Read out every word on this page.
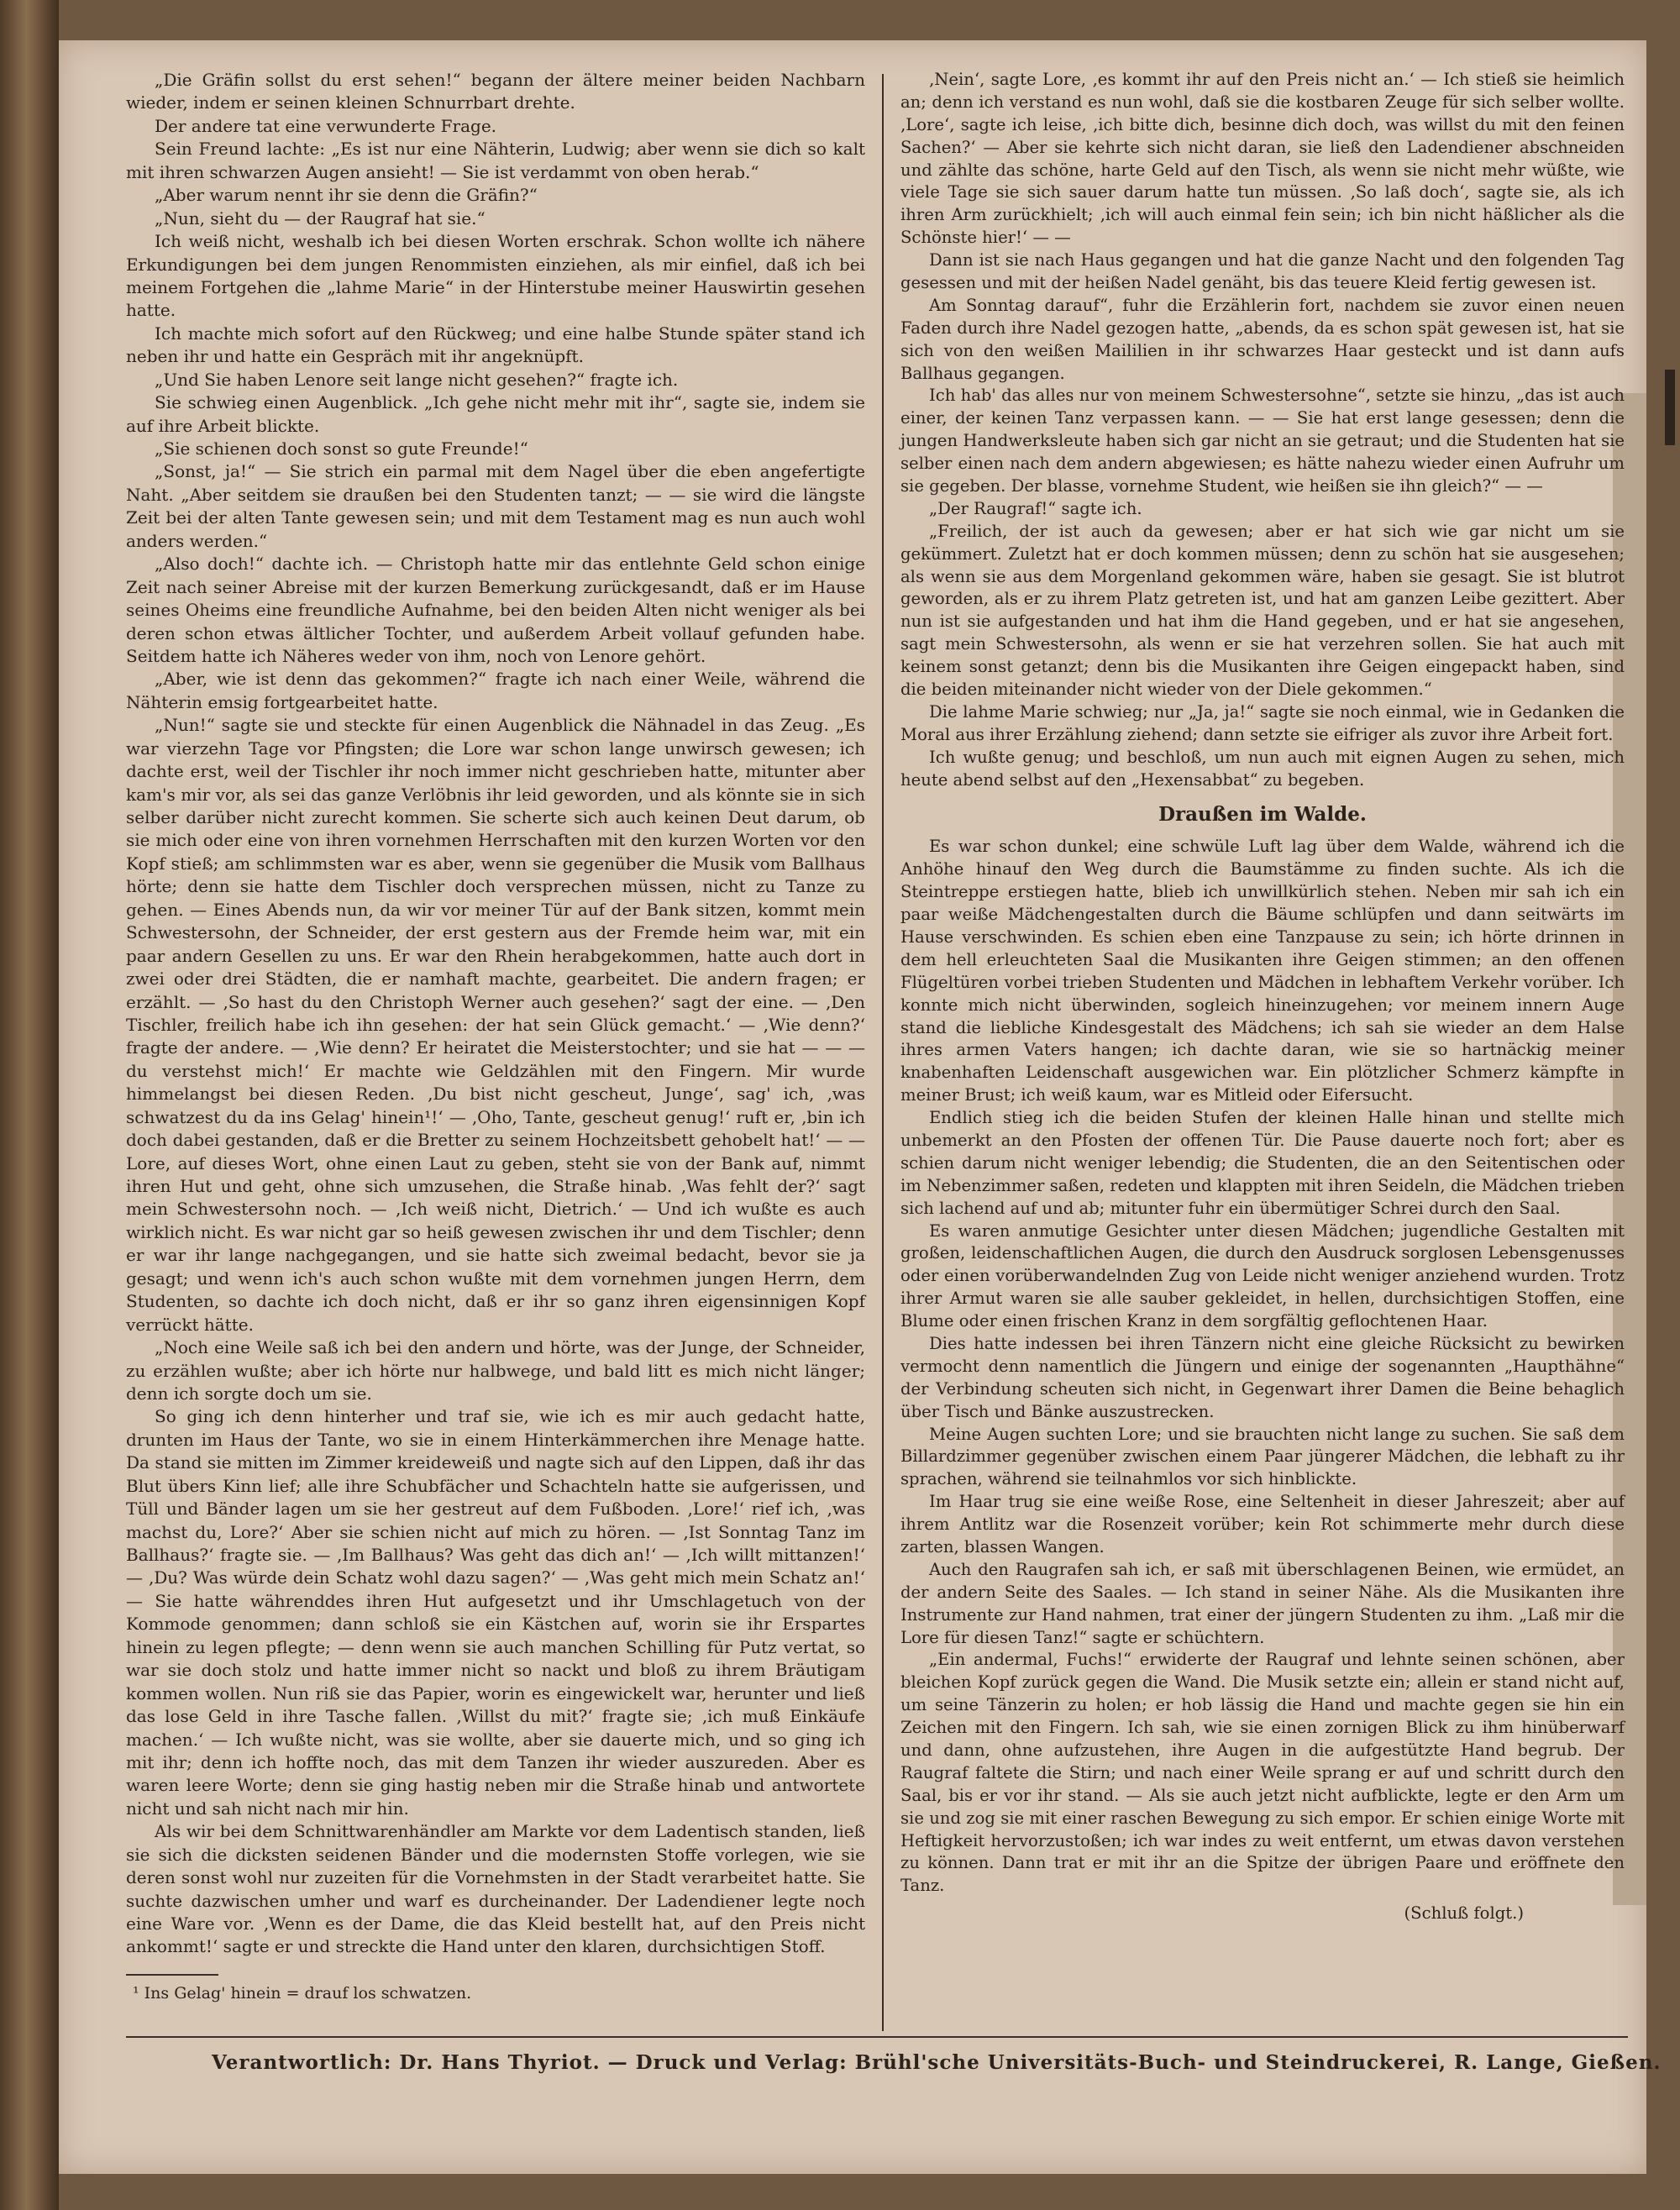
„Die Gräfin sollst du erst sehen!“ begann der ältere meiner beiden Nachbarn wieder, indem er seinen kleinen Schnurrbart drehte.

Der andere tat eine verwunderte Frage.

Sein Freund lachte: „Es ist nur eine Nähterin, Ludwig; aber wenn sie dich so kalt mit ihren schwarzen Augen ansieht! — Sie ist verdammt von oben herab.“

„Aber warum nennt ihr sie denn die Gräfin?“

„Nun, sieht du — der Raugraf hat sie.“

Ich weiß nicht, weshalb ich bei diesen Worten erschrak. Schon wollte ich nähere Erkundigungen bei dem jungen Renommisten einziehen, als mir einfiel, daß ich bei meinem Fortgehen die „lahme Marie“ in der Hinterstube meiner Hauswirtin gesehen hatte.

Ich machte mich sofort auf den Rückweg; und eine halbe Stunde später stand ich neben ihr und hatte ein Gespräch mit ihr angeknüpft.

„Und Sie haben Lenore seit lange nicht gesehen?“ fragte ich.

Sie schwieg einen Augenblick. „Ich gehe nicht mehr mit ihr“, sagte sie, indem sie auf ihre Arbeit blickte.

„Sie schienen doch sonst so gute Freunde!“

„Sonst, ja!“ — Sie strich ein parmal mit dem Nagel über die eben angefertigte Naht. „Aber seitdem sie draußen bei den Studenten tanzt; — — sie wird die längste Zeit bei der alten Tante gewesen sein; und mit dem Testament mag es nun auch wohl anders werden.“

„Also doch!“ dachte ich. — Christoph hatte mir das entlehnte Geld schon einige Zeit nach seiner Abreise mit der kurzen Bemerkung zurückgesandt, daß er im Hause seines Oheims eine freundliche Aufnahme, bei den beiden Alten nicht weniger als bei deren schon etwas ältlicher Tochter, und außerdem Arbeit vollauf gefunden habe. Seitdem hatte ich Näheres weder von ihm, noch von Lenore gehört.

„Aber, wie ist denn das gekommen?“ fragte ich nach einer Weile, während die Nähterin emsig fortgearbeitet hatte.

„Nun!“ sagte sie und steckte für einen Augenblick die Nähnadel in das Zeug. „Es war vierzehn Tage vor Pfingsten; die Lore war schon lange unwirsch gewesen; ich dachte erst, weil der Tischler ihr noch immer nicht geschrieben hatte, mitunter aber kam's mir vor, als sei das ganze Verlöbnis ihr leid geworden, und als könnte sie in sich selber darüber nicht zurecht kommen. Sie scherte sich auch keinen Deut darum, ob sie mich oder eine von ihren vornehmen Herrschaften mit den kurzen Worten vor den Kopf stieß; am schlimmsten war es aber, wenn sie gegenüber die Musik vom Ballhaus hörte; denn sie hatte dem Tischler doch versprechen müssen, nicht zu Tanze zu gehen. — Eines Abends nun, da wir vor meiner Tür auf der Bank sitzen, kommt mein Schwestersohn, der Schneider, der erst gestern aus der Fremde heim war, mit ein paar andern Gesellen zu uns. Er war den Rhein herabgekommen, hatte auch dort in zwei oder drei Städten, die er namhaft machte, gearbeitet. Die andern fragen; er erzählt. — ‚So hast du den Christoph Werner auch gesehen?‘ sagt der eine. — ‚Den Tischler, freilich habe ich ihn gesehen: der hat sein Glück gemacht.‘ — ‚Wie denn?‘ fragte der andere. — ‚Wie denn? Er heiratet die Meisterstochter; und sie hat — — — du verstehst mich!‘ Er machte wie Geldzählen mit den Fingern. Mir wurde himmelangst bei diesen Reden. ‚Du bist nicht gescheut, Junge‘, sag' ich, ‚was schwatzest du da ins Gelag' hinein¹!‘ — ‚Oho, Tante, gescheut genug!‘ ruft er, ‚bin ich doch dabei gestanden, daß er die Bretter zu seinem Hochzeitsbett gehobelt hat!‘ — — Lore, auf dieses Wort, ohne einen Laut zu geben, steht sie von der Bank auf, nimmt ihren Hut und geht, ohne sich umzusehen, die Straße hinab. ‚Was fehlt der?‘ sagt mein Schwestersohn noch. — ‚Ich weiß nicht, Dietrich.‘ — Und ich wußte es auch wirklich nicht. Es war nicht gar so heiß gewesen zwischen ihr und dem Tischler; denn er war ihr lange nachgegangen, und sie hatte sich zweimal bedacht, bevor sie ja gesagt; und wenn ich's auch schon wußte mit dem vornehmen jungen Herrn, dem Studenten, so dachte ich doch nicht, daß er ihr so ganz ihren eigensinnigen Kopf verrückt hätte.

„Noch eine Weile saß ich bei den andern und hörte, was der Junge, der Schneider, zu erzählen wußte; aber ich hörte nur halbwege, und bald litt es mich nicht länger; denn ich sorgte doch um sie.

So ging ich denn hinterher und traf sie, wie ich es mir auch gedacht hatte, drunten im Haus der Tante, wo sie in einem Hinterkämmerchen ihre Menage hatte. Da stand sie mitten im Zimmer kreideweiß und nagte sich auf den Lippen, daß ihr das Blut übers Kinn lief; alle ihre Schubfächer und Schachteln hatte sie aufgerissen, und Tüll und Bänder lagen um sie her gestreut auf dem Fußboden. ‚Lore!‘ rief ich, ‚was machst du, Lore?‘ Aber sie schien nicht auf mich zu hören. — ‚Ist Sonntag Tanz im Ballhaus?‘ fragte sie. — ‚Im Ballhaus? Was geht das dich an!‘ — ‚Ich willt mittanzen!‘ — ‚Du? Was würde dein Schatz wohl dazu sagen?‘ — ‚Was geht mich mein Schatz an!‘ — Sie hatte währenddes ihren Hut aufgesetzt und ihr Umschlagetuch von der Kommode genommen; dann schloß sie ein Kästchen auf, worin sie ihr Erspartes hinein zu legen pflegte; — denn wenn sie auch manchen Schilling für Putz vertat, so war sie doch stolz und hatte immer nicht so nackt und bloß zu ihrem Bräutigam kommen wollen. Nun riß sie das Papier, worin es eingewickelt war, herunter und ließ das lose Geld in ihre Tasche fallen. ‚Willst du mit?‘ fragte sie; ‚ich muß Einkäufe machen.‘ — Ich wußte nicht, was sie wollte, aber sie dauerte mich, und so ging ich mit ihr; denn ich hoffte noch, das mit dem Tanzen ihr wieder auszureden. Aber es waren leere Worte; denn sie ging hastig neben mir die Straße hinab und antwortete nicht und sah nicht nach mir hin.

Als wir bei dem Schnittwarenhändler am Markte vor dem Ladentisch standen, ließ sie sich die dicksten seidenen Bänder und die modernsten Stoffe vorlegen, wie sie deren sonst wohl nur zuzeiten für die Vornehmsten in der Stadt verarbeitet hatte. Sie suchte dazwischen umher und warf es durcheinander. Der Ladendiener legte noch eine Ware vor. ‚Wenn es der Dame, die das Kleid bestellt hat, auf den Preis nicht ankommt!‘ sagte er und streckte die Hand unter den klaren, durchsichtigen Stoff.

¹ Ins Gelag' hinein = drauf los schwatzen.

‚Nein‘, sagte Lore, ‚es kommt ihr auf den Preis nicht an.‘ — Ich stieß sie heimlich an; denn ich verstand es nun wohl, daß sie die kostbaren Zeuge für sich selber wollte. ‚Lore‘, sagte ich leise, ‚ich bitte dich, besinne dich doch, was willst du mit den feinen Sachen?‘ — Aber sie kehrte sich nicht daran, sie ließ den Ladendiener abschneiden und zählte das schöne, harte Geld auf den Tisch, als wenn sie nicht mehr wüßte, wie viele Tage sie sich sauer darum hatte tun müssen. ‚So laß doch‘, sagte sie, als ich ihren Arm zurückhielt; ‚ich will auch einmal fein sein; ich bin nicht häßlicher als die Schönste hier!‘ — —

Dann ist sie nach Haus gegangen und hat die ganze Nacht und den folgenden Tag gesessen und mit der heißen Nadel genäht, bis das teuere Kleid fertig gewesen ist.

Am Sonntag darauf“, fuhr die Erzählerin fort, nachdem sie zuvor einen neuen Faden durch ihre Nadel gezogen hatte, „abends, da es schon spät gewesen ist, hat sie sich von den weißen Maililien in ihr schwarzes Haar gesteckt und ist dann aufs Ballhaus gegangen.

Ich hab' das alles nur von meinem Schwestersohne“, setzte sie hinzu, „das ist auch einer, der keinen Tanz verpassen kann. — — Sie hat erst lange gesessen; denn die jungen Handwerksleute haben sich gar nicht an sie getraut; und die Studenten hat sie selber einen nach dem andern abgewiesen; es hätte nahezu wieder einen Aufruhr um sie gegeben. Der blasse, vornehme Student, wie heißen sie ihn gleich?“ — —

„Der Raugraf!“ sagte ich.

„Freilich, der ist auch da gewesen; aber er hat sich wie gar nicht um sie gekümmert. Zuletzt hat er doch kommen müssen; denn zu schön hat sie ausgesehen; als wenn sie aus dem Morgenland gekommen wäre, haben sie gesagt. Sie ist blutrot geworden, als er zu ihrem Platz getreten ist, und hat am ganzen Leibe gezittert. Aber nun ist sie aufgestanden und hat ihm die Hand gegeben, und er hat sie angesehen, sagt mein Schwestersohn, als wenn er sie hat verzehren sollen. Sie hat auch mit keinem sonst getanzt; denn bis die Musikanten ihre Geigen eingepackt haben, sind die beiden miteinander nicht wieder von der Diele gekommen.“

Die lahme Marie schwieg; nur „Ja, ja!“ sagte sie noch einmal, wie in Gedanken die Moral aus ihrer Erzählung ziehend; dann setzte sie eifriger als zuvor ihre Arbeit fort.

Ich wußte genug; und beschloß, um nun auch mit eignen Augen zu sehen, mich heute abend selbst auf den „Hexensabbat“ zu begeben.

Draußen im Walde.

Es war schon dunkel; eine schwüle Luft lag über dem Walde, während ich die Anhöhe hinauf den Weg durch die Baumstämme zu finden suchte. Als ich die Steintreppe erstiegen hatte, blieb ich unwillkürlich stehen. Neben mir sah ich ein paar weiße Mädchengestalten durch die Bäume schlüpfen und dann seitwärts im Hause verschwinden. Es schien eben eine Tanzpause zu sein; ich hörte drinnen in dem hell erleuchteten Saal die Musikanten ihre Geigen stimmen; an den offenen Flügeltüren vorbei trieben Studenten und Mädchen in lebhaftem Verkehr vorüber. Ich konnte mich nicht überwinden, sogleich hineinzugehen; vor meinem innern Auge stand die liebliche Kindesgestalt des Mädchens; ich sah sie wieder an dem Halse ihres armen Vaters hangen; ich dachte daran, wie sie so hartnäckig meiner knabenhaften Leidenschaft ausgewichen war. Ein plötzlicher Schmerz kämpfte in meiner Brust; ich weiß kaum, war es Mitleid oder Eifersucht.

Endlich stieg ich die beiden Stufen der kleinen Halle hinan und stellte mich unbemerkt an den Pfosten der offenen Tür. Die Pause dauerte noch fort; aber es schien darum nicht weniger lebendig; die Studenten, die an den Seitentischen oder im Nebenzimmer saßen, redeten und klappten mit ihren Seideln, die Mädchen trieben sich lachend auf und ab; mitunter fuhr ein übermütiger Schrei durch den Saal.

Es waren anmutige Gesichter unter diesen Mädchen; jugendliche Gestalten mit großen, leidenschaftlichen Augen, die durch den Ausdruck sorglosen Lebensgenusses oder einen vorüberwandelnden Zug von Leide nicht weniger anziehend wurden. Trotz ihrer Armut waren sie alle sauber gekleidet, in hellen, durchsichtigen Stoffen, eine Blume oder einen frischen Kranz in dem sorgfältig geflochtenen Haar.

Dies hatte indessen bei ihren Tänzern nicht eine gleiche Rücksicht zu bewirken vermocht denn namentlich die Jüngern und einige der sogenannten „Haupthähne“ der Verbindung scheuten sich nicht, in Gegenwart ihrer Damen die Beine behaglich über Tisch und Bänke auszustrecken.

Meine Augen suchten Lore; und sie brauchten nicht lange zu suchen. Sie saß dem Billardzimmer gegenüber zwischen einem Paar jüngerer Mädchen, die lebhaft zu ihr sprachen, während sie teilnahmlos vor sich hinblickte.

Im Haar trug sie eine weiße Rose, eine Seltenheit in dieser Jahreszeit; aber auf ihrem Antlitz war die Rosenzeit vorüber; kein Rot schimmerte mehr durch diese zarten, blassen Wangen.

Auch den Raugrafen sah ich, er saß mit überschlagenen Beinen, wie ermüdet, an der andern Seite des Saales. — Ich stand in seiner Nähe. Als die Musikanten ihre Instrumente zur Hand nahmen, trat einer der jüngern Studenten zu ihm. „Laß mir die Lore für diesen Tanz!“ sagte er schüchtern.

„Ein andermal, Fuchs!“ erwiderte der Raugraf und lehnte seinen schönen, aber bleichen Kopf zurück gegen die Wand. Die Musik setzte ein; allein er stand nicht auf, um seine Tänzerin zu holen; er hob lässig die Hand und machte gegen sie hin ein Zeichen mit den Fingern. Ich sah, wie sie einen zornigen Blick zu ihm hinüberwarf und dann, ohne aufzustehen, ihre Augen in die aufgestützte Hand begrub. Der Raugraf faltete die Stirn; und nach einer Weile sprang er auf und schritt durch den Saal, bis er vor ihr stand. — Als sie auch jetzt nicht aufblickte, legte er den Arm um sie und zog sie mit einer raschen Bewegung zu sich empor. Er schien einige Worte mit Heftigkeit hervorzustoßen; ich war indes zu weit entfernt, um etwas davon verstehen zu können. Dann trat er mit ihr an die Spitze der übrigen Paare und eröffnete den Tanz.

(Schluß folgt.)

Verantwortlich: Dr. Hans Thyriot. — Druck und Verlag: Brühl'sche Universitäts-Buch- und Steindruckerei, R. Lange, Gießen.
